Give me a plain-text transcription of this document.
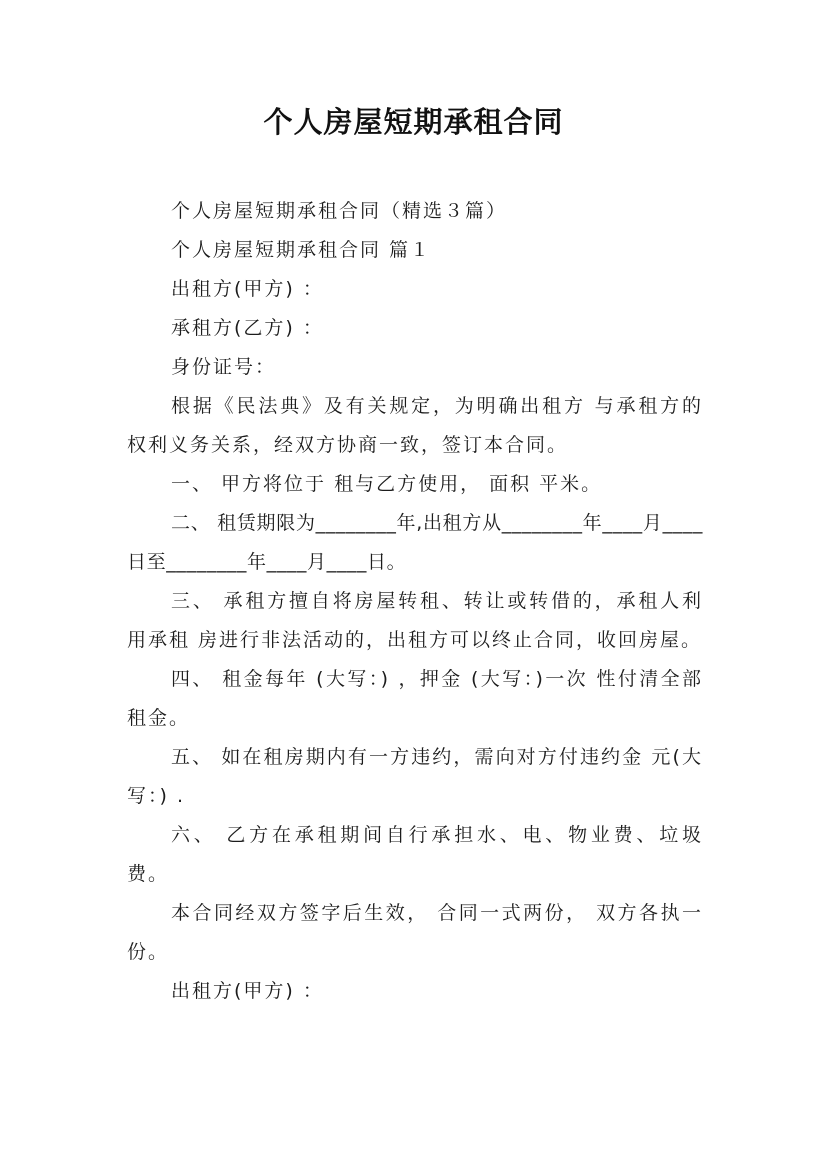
个人房屋短期承租合同

个人房屋短期承租合同（精选３篇）

个人房屋短期承租合同 篇１

出租方(甲方) ：

承租方(乙方) ：

身份证号：

根据《民法典》及有关规定，为明确出租方 与承租方的权利义务关系，经双方协商一致，签订本合同。

一、 甲方将位于 租与乙方使用， 面积 平米。

二、 租赁期限为________年,出租方从________年____月____日至________年____月____日。

三、 承租方擅自将房屋转租、转让或转借的，承租人利用承租 房进行非法活动的，出租方可以终止合同，收回房屋。

四、 租金每年 (大写：) ，押金 (大写：)一次 性付清全部租金。

五、 如在租房期内有一方违约，需向对方付违约金 元(大写：) .

六、 乙方在承租期间自行承担水、电、物业费、垃圾费。

本合同经双方签字后生效， 合同一式两份， 双方各执一份。

出租方(甲方) ：
